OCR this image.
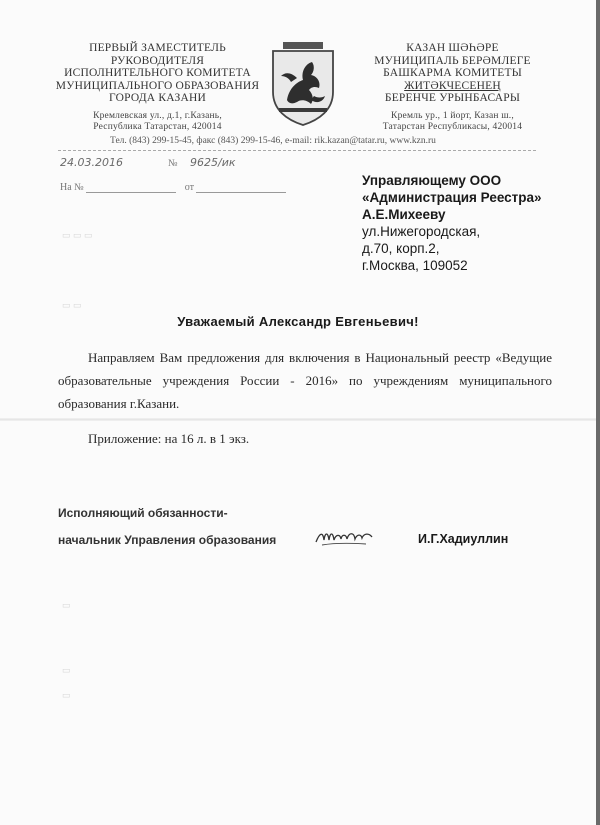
▭ ▭ ▭
▭ ▭
▭
▭
▭
ПЕРВЫЙ ЗАМЕСТИТЕЛЬ
РУКОВОДИТЕЛЯ
ИСПОЛНИТЕЛЬНОГО КОМИТЕТА
МУНИЦИПАЛЬНОГО ОБРАЗОВАНИЯ
ГОРОДА КАЗАНИ
Кремлевская ул., д.1, г.Казань,
Республика Татарстан, 420014
КАЗАН ШӘҺӘРЕ
МУНИЦИПАЛЬ БЕРӘМЛЕГЕ
БАШКАРМА КОМИТЕТЫ
ЖИТӘКЧЕСЕНЕҢ
БЕРЕНЧЕ УРЫНБАСАРЫ
Кремль ур., 1 йорт, Казан ш.,
Татарстан Республикасы, 420014
Тел. (843) 299-15-45, факс (843) 299-15-46, e-mail: rik.kazan@tatar.ru, www.kzn.ru
24.03.2016	№ 9625/ик
На №	от	Управляющему ООО
«Администрация Реестра»
А.Е.Михееву
ул.Нижегородская,
д.70, корп.2,
г.Москва, 109052
Уважаемый Александр Евгеньевич!

Направляем Вам предложения для включения в Национальный реестр «Ведущие образовательные учреждения России - 2016» по учреждениям муниципального образования г.Казани.

Приложение: на 16 л. в 1 экз.
Исполняющий обязанности-
начальник Управления образования	И.Г.Хадиуллин
